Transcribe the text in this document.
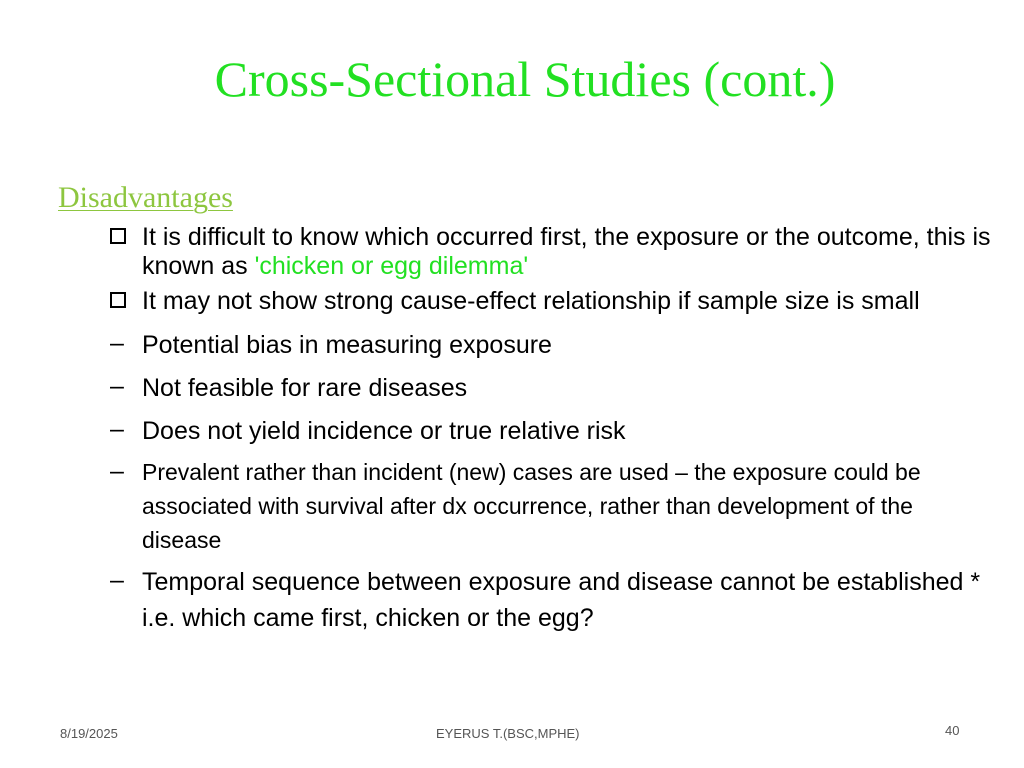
Cross-Sectional Studies (cont.)
Disadvantages
It is difficult to know which occurred first, the exposure or the outcome, this is known as 'chicken or egg dilemma'
It may not show strong cause-effect relationship if sample size is small
– Potential bias in measuring exposure
– Not feasible for rare diseases
– Does not yield incidence or true relative risk
– Prevalent rather than incident (new) cases are used – the exposure could be associated with survival after dx occurrence, rather than development of the disease
– Temporal sequence between exposure and disease cannot be established * i.e. which came first, chicken or the egg?
8/19/2025	EYERUS T.(BSC,MPHE)	40
